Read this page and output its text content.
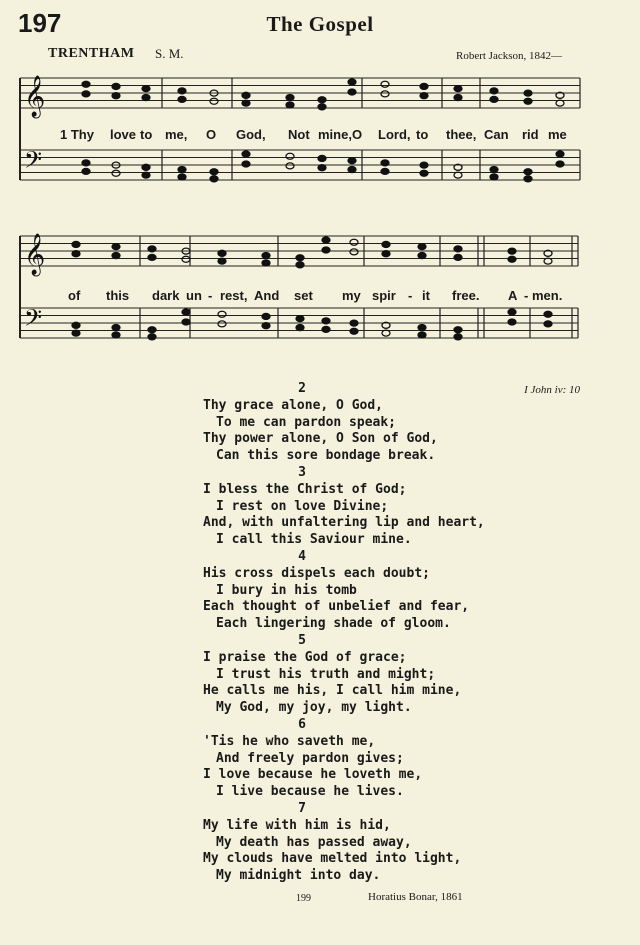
197	The Gospel
TRENTHAM S. M.	Robert Jackson, 1842—
𝄞
𝄢
𝄞
𝄢
1 Thy love to me, O God, Not mine, O Lord, to thee, Can rid me
of this dark un - rest, And set my spir - it free. A - men.
I John iv: 10
2
Thy grace alone, O God,
To me can pardon speak;
Thy power alone, O Son of God,
Can this sore bondage break.
3
I bless the Christ of God;
I rest on love Divine;
And, with unfaltering lip and heart,
I call this Saviour mine.
4
His cross dispels each doubt;
I bury in his tomb
Each thought of unbelief and fear,
Each lingering shade of gloom.
5
I praise the God of grace;
I trust his truth and might;
He calls me his, I call him mine,
My God, my joy, my light.
6
'Tis he who saveth me,
And freely pardon gives;
I love because he loveth me,
I live because he lives.
7
My life with him is hid,
My death has passed away,
My clouds have melted into light,
My midnight into day.
199	Horatius Bonar, 1861
